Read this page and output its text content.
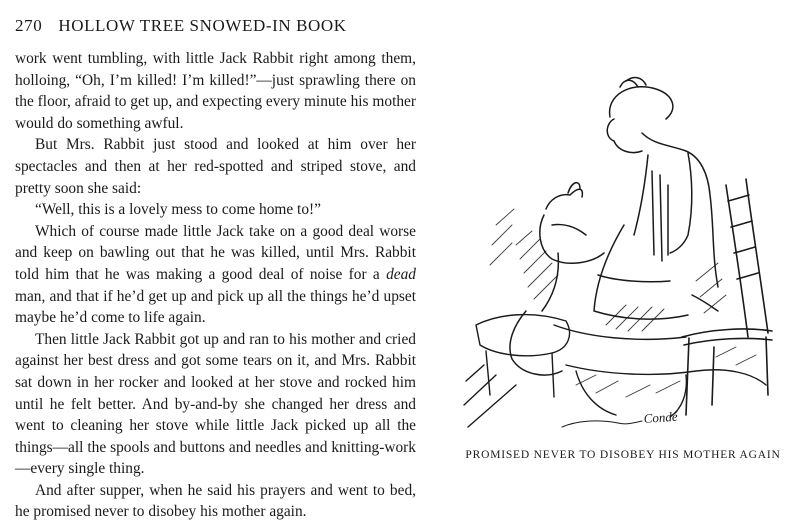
270 HOLLOW TREE SNOWED-IN BOOK

work went tumbling, with little Jack Rabbit right among them, holloing, “Oh, I’m killed! I’m killed!”—just sprawling there on the floor, afraid to get up, and expecting every minute his mother would do something awful.

But Mrs. Rabbit just stood and looked at him over her spectacles and then at her red-spotted and striped stove, and pretty soon she said:

“Well, this is a lovely mess to come home to!”

Which of course made little Jack take on a good deal worse and keep on bawling out that he was killed, until Mrs. Rabbit told him that he was making a good deal of noise for a dead man, and that if he’d get up and pick up all the things he’d upset maybe he’d come to life again.

Then little Jack Rabbit got up and ran to his mother and cried against her best dress and got some tears on it, and Mrs. Rabbit sat down in her rocker and looked at her stove and rocked him until he felt better. And by-and-by she changed her dress and went to cleaning her stove while little Jack picked up all the things—all the spools and buttons and needles and knitting-work—every single thing.

And after supper, when he said his prayers and went to bed, he promised never to disobey his mother again.

Condé
PROMISED NEVER TO DISOBEY HIS MOTHER AGAIN
